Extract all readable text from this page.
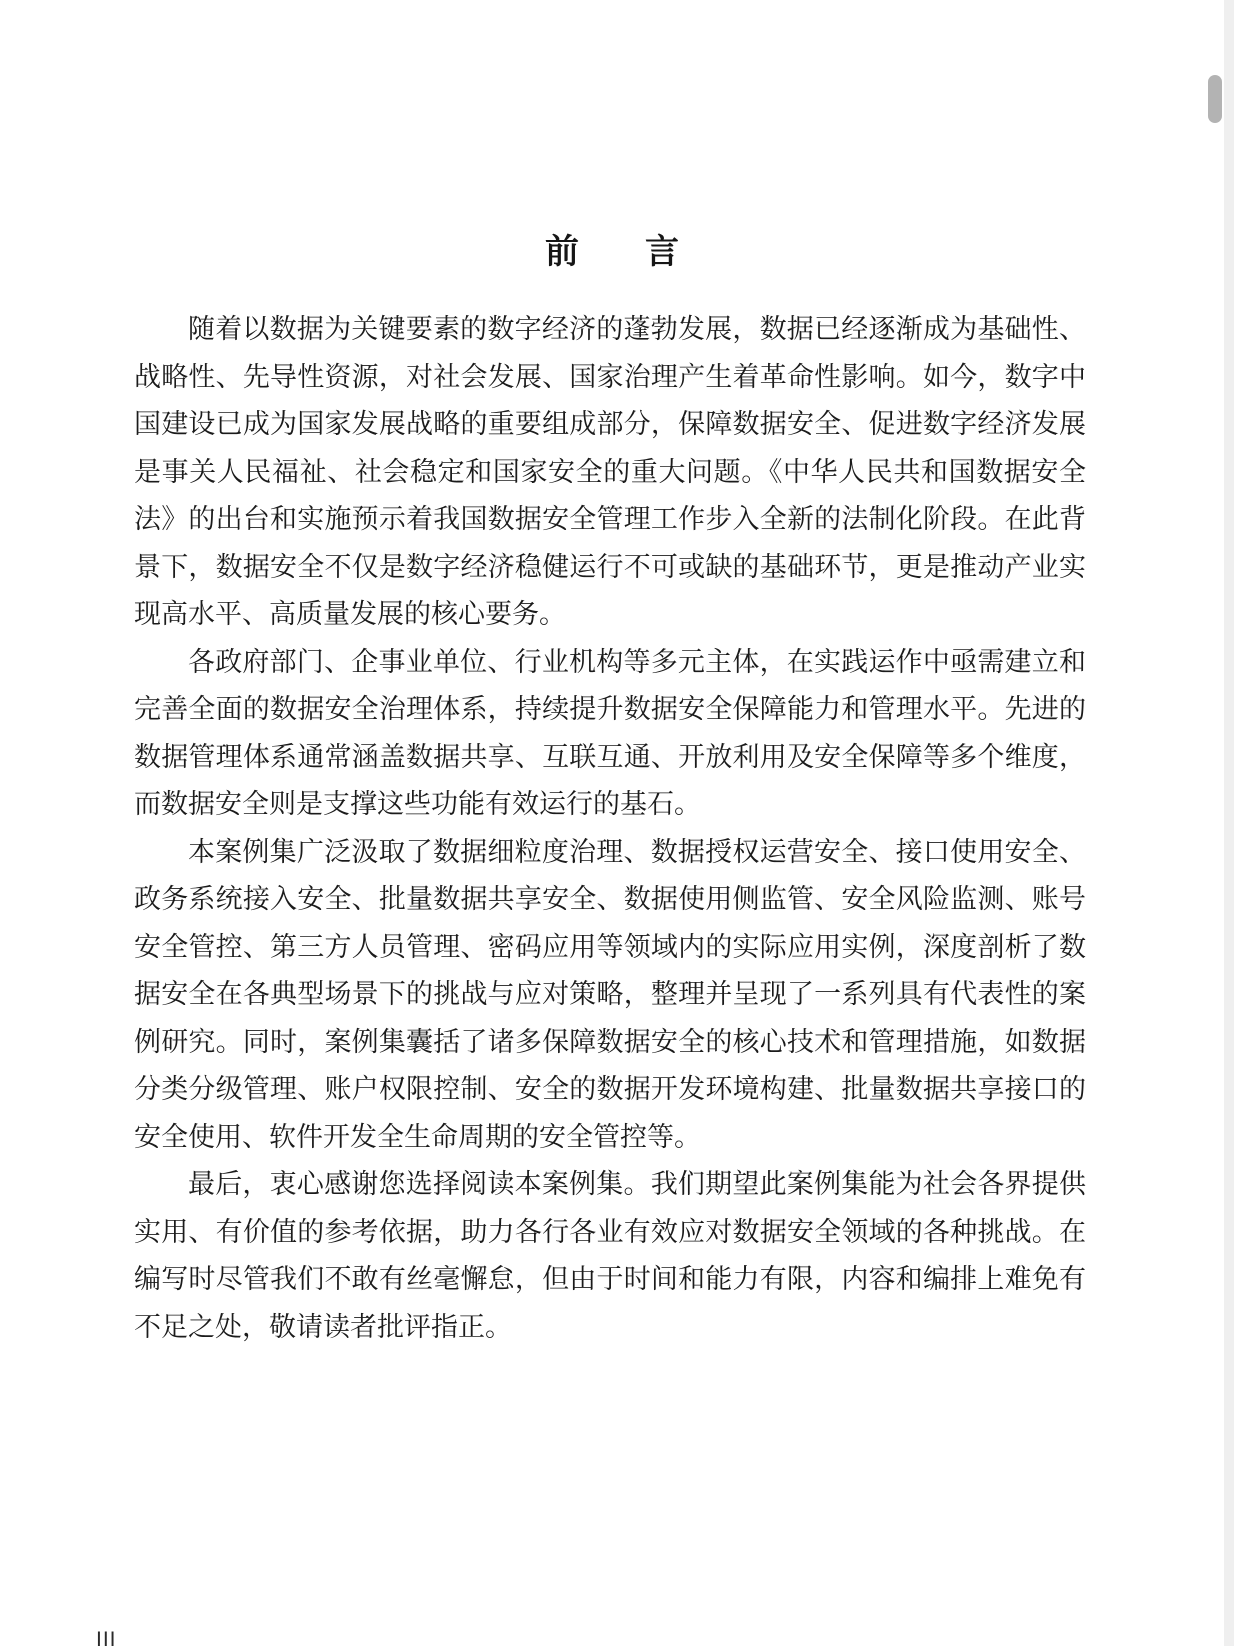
前 言

随着以数据为关键要素的数字经济的蓬勃发展，数据已经逐渐成为基础性、战略性、先导性资源，对社会发展、国家治理产生着革命性影响。如今，数字中国建设已成为国家发展战略的重要组成部分，保障数据安全、促进数字经济发展是事关人民福祉、社会稳定和国家安全的重大问题。《中华人民共和国数据安全法》的出台和实施预示着我国数据安全管理工作步入全新的法制化阶段。在此背景下，数据安全不仅是数字经济稳健运行不可或缺的基础环节，更是推动产业实现高水平、高质量发展的核心要务。

各政府部门、企事业单位、行业机构等多元主体，在实践运作中亟需建立和完善全面的数据安全治理体系，持续提升数据安全保障能力和管理水平。先进的数据管理体系通常涵盖数据共享、互联互通、开放利用及安全保障等多个维度，而数据安全则是支撑这些功能有效运行的基石。

本案例集广泛汲取了数据细粒度治理、数据授权运营安全、接口使用安全、政务系统接入安全、批量数据共享安全、数据使用侧监管、安全风险监测、账号安全管控、第三方人员管理、密码应用等领域内的实际应用实例，深度剖析了数据安全在各典型场景下的挑战与应对策略，整理并呈现了一系列具有代表性的案例研究。同时，案例集囊括了诸多保障数据安全的核心技术和管理措施，如数据分类分级管理、账户权限控制、安全的数据开发环境构建、批量数据共享接口的安全使用、软件开发全生命周期的安全管控等。

最后，衷心感谢您选择阅读本案例集。我们期望此案例集能为社会各界提供实用、有价值的参考依据，助力各行各业有效应对数据安全领域的各种挑战。在编写时尽管我们不敢有丝毫懈怠，但由于时间和能力有限，内容和编排上难免有不足之处，敬请读者批评指正。

III
